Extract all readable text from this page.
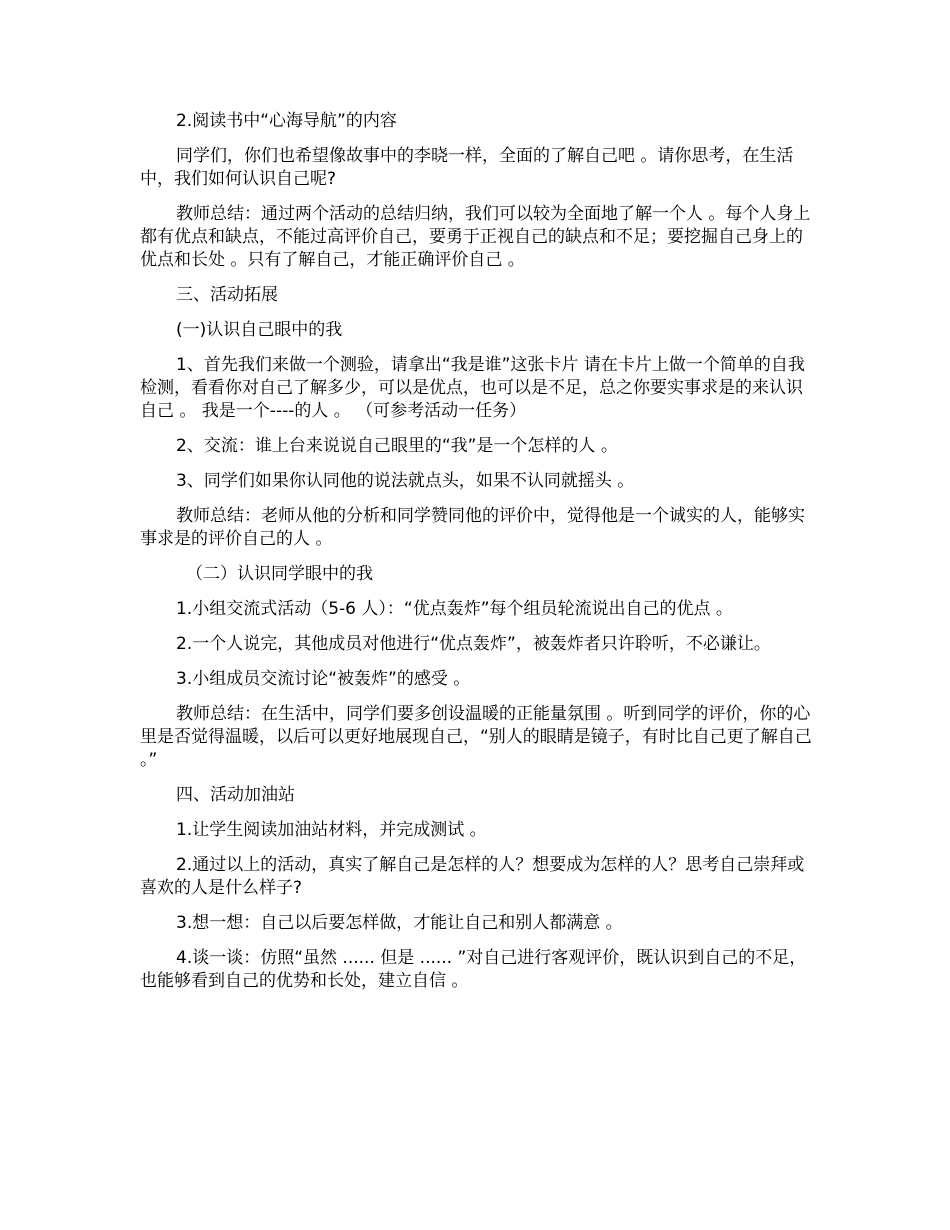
2.阅读书中“心海导航”的内容

同学们，你们也希望像故事中的李晓一样，全面的了解自己吧 。请你思考，在生活中，我们如何认识自己呢?

教师总结：通过两个活动的总结归纳，我们可以较为全面地了解一个人 。每个人身上都有优点和缺点，不能过高评价自己，要勇于正视自己的缺点和不足；要挖掘自己身上的优点和长处 。只有了解自己，才能正确评价自己 。

三、活动拓展

(一)认识自己眼中的我

1、首先我们来做一个测验，请拿出“我是谁”这张卡片 请在卡片上做一个简单的自我检测，看看你对自己了解多少，可以是优点，也可以是不足，总之你要实事求是的来认识自己 。 我是一个----的人 。 （可参考活动一任务）

2、交流：谁上台来说说自己眼里的“我”是一个怎样的人 。

3、同学们如果你认同他的说法就点头，如果不认同就摇头 。

教师总结：老师从他的分析和同学赞同他的评价中，觉得他是一个诚实的人，能够实事求是的评价自己的人 。

（二）认识同学眼中的我

1.小组交流式活动（5-6 人）：“优点轰炸”每个组员轮流说出自己的优点 。

2.一个人说完，其他成员对他进行“优点轰炸”，被轰炸者只许聆听，不必谦让。

3.小组成员交流讨论“被轰炸”的感受 。

教师总结：在生活中，同学们要多创设温暖的正能量氛围 。听到同学的评价，你的心里是否觉得温暖，以后可以更好地展现自己，“别人的眼睛是镜子，有时比自己更了解自己 。”

四、活动加油站

1.让学生阅读加油站材料，并完成测试 。

2.通过以上的活动，真实了解自己是怎样的人？想要成为怎样的人？思考自己崇拜或喜欢的人是什么样子?

3.想一想：自己以后要怎样做，才能让自己和别人都满意 。

4.谈一谈：仿照“虽然 ...... 但是 ...... ”对自己进行客观评价，既认识到自己的不足，也能够看到自己的优势和长处，建立自信 。
